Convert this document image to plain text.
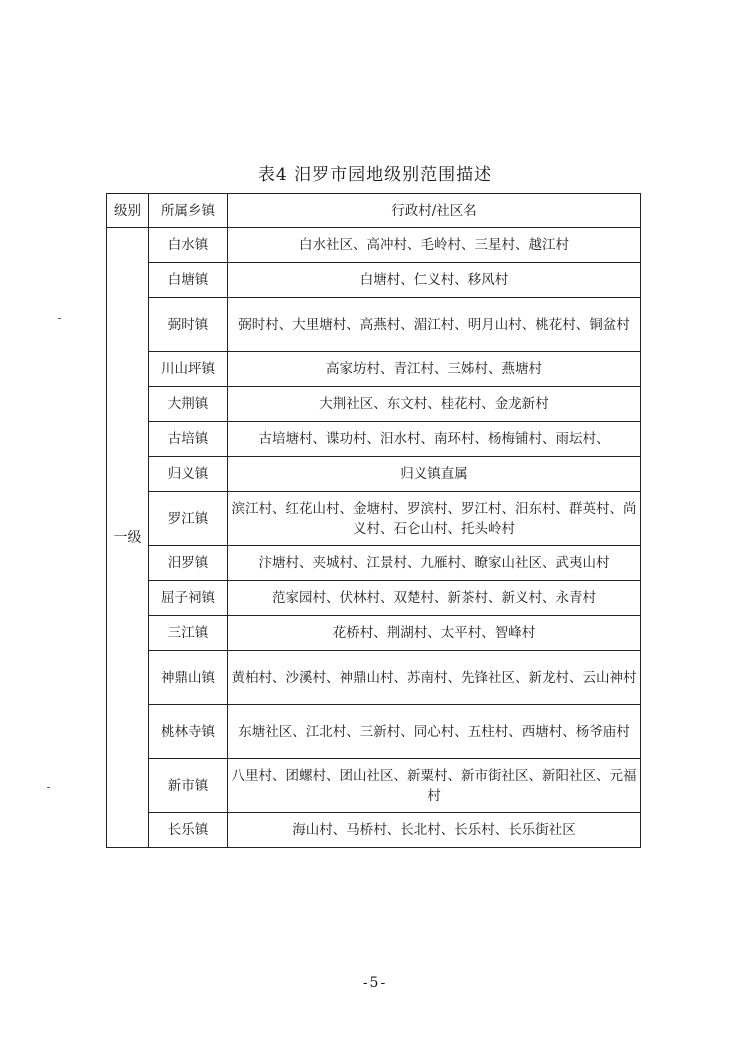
表4 汨罗市园地级别范围描述
级别	所属乡镇	行政村/社区名
一级	白水镇	白水社区、高冲村、毛岭村、三星村、越江村
	白塘镇	白塘村、仁义村、移风村
	弼时镇	弼时村、大里塘村、高燕村、湄江村、明月山村、桃花村、铜盆村
	川山坪镇	高家坊村、青江村、三姊村、燕塘村
	大荆镇	大荆社区、东文村、桂花村、金龙新村
	古培镇	古培塘村、谍功村、汨水村、南环村、杨梅铺村、雨坛村、
	归义镇	归义镇直属
	罗江镇	滨江村、红花山村、金塘村、罗滨村、罗江村、汨东村、群英村、尚义村、石仑山村、托头岭村
	汨罗镇	汴塘村、夹城村、江景村、九雁村、瞭家山社区、武夷山村
	屈子祠镇	范家园村、伏林村、双楚村、新茶村、新义村、永青村
	三江镇	花桥村、荆湖村、太平村、智峰村
	神鼎山镇	黄柏村、沙溪村、神鼎山村、苏南村、先锋社区、新龙村、云山神村
	桃林寺镇	东塘社区、江北村、三新村、同心村、五柱村、西塘村、杨爷庙村
	新市镇	八里村、团螺村、团山社区、新粟村、新市街社区、新阳社区、元福村
	长乐镇	海山村、马桥村、长北村、长乐村、长乐街社区
-5-
